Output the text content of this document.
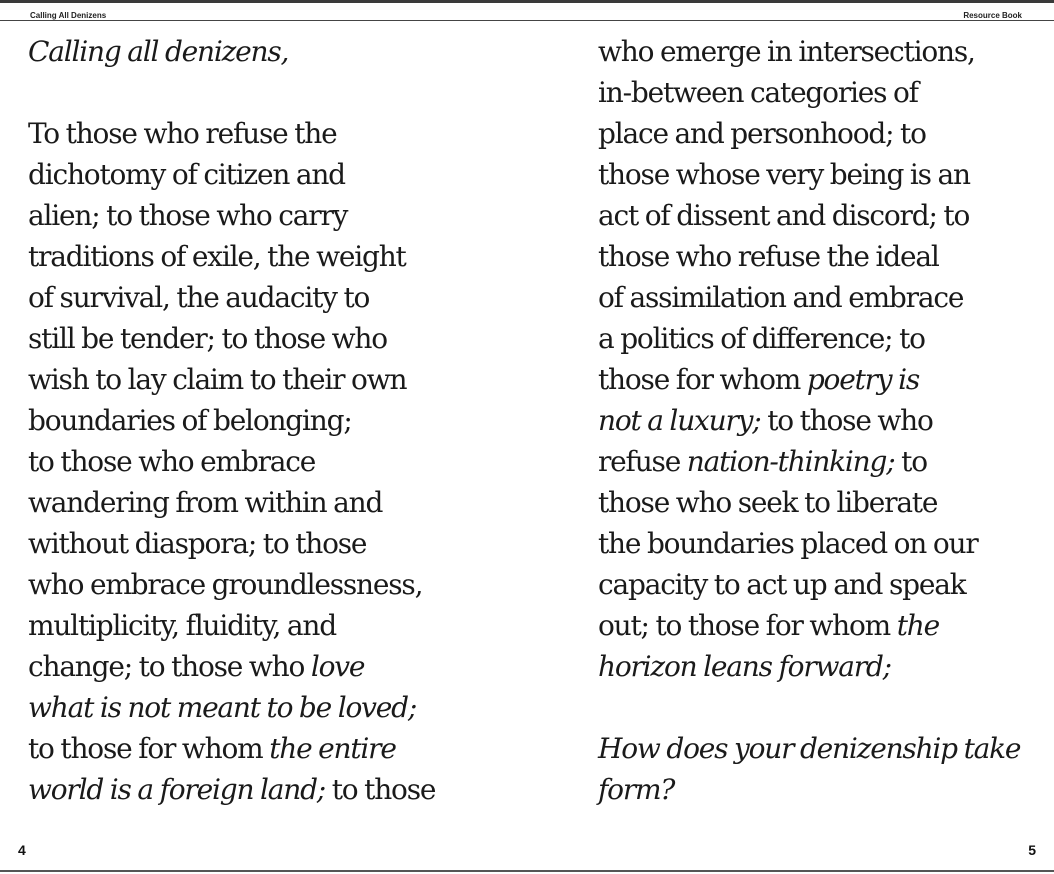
Calling All Denizens	Resource Book
Calling all denizens,
To those who refuse the
dichotomy of citizen and
alien; to those who carry
traditions of exile, the weight
of survival, the audacity to
still be tender; to those who
wish to lay claim to their own
boundaries of belonging;
to those who embrace
wandering from within and
without diaspora; to those
who embrace groundlessness,
multiplicity, fluidity, and
change; to those who love
what is not meant to be loved;
to those for whom the entire
world is a foreign land; to those
who emerge in intersections,
in-between categories of
place and personhood; to
those whose very being is an
act of dissent and discord; to
those who refuse the ideal
of assimilation and embrace
a politics of difference; to
those for whom poetry is
not a luxury; to those who
refuse nation-thinking; to
those who seek to liberate
the boundaries placed on our
capacity to act up and speak
out; to those for whom the
horizon leans forward;
How does your denizenship take
form?
4	5
